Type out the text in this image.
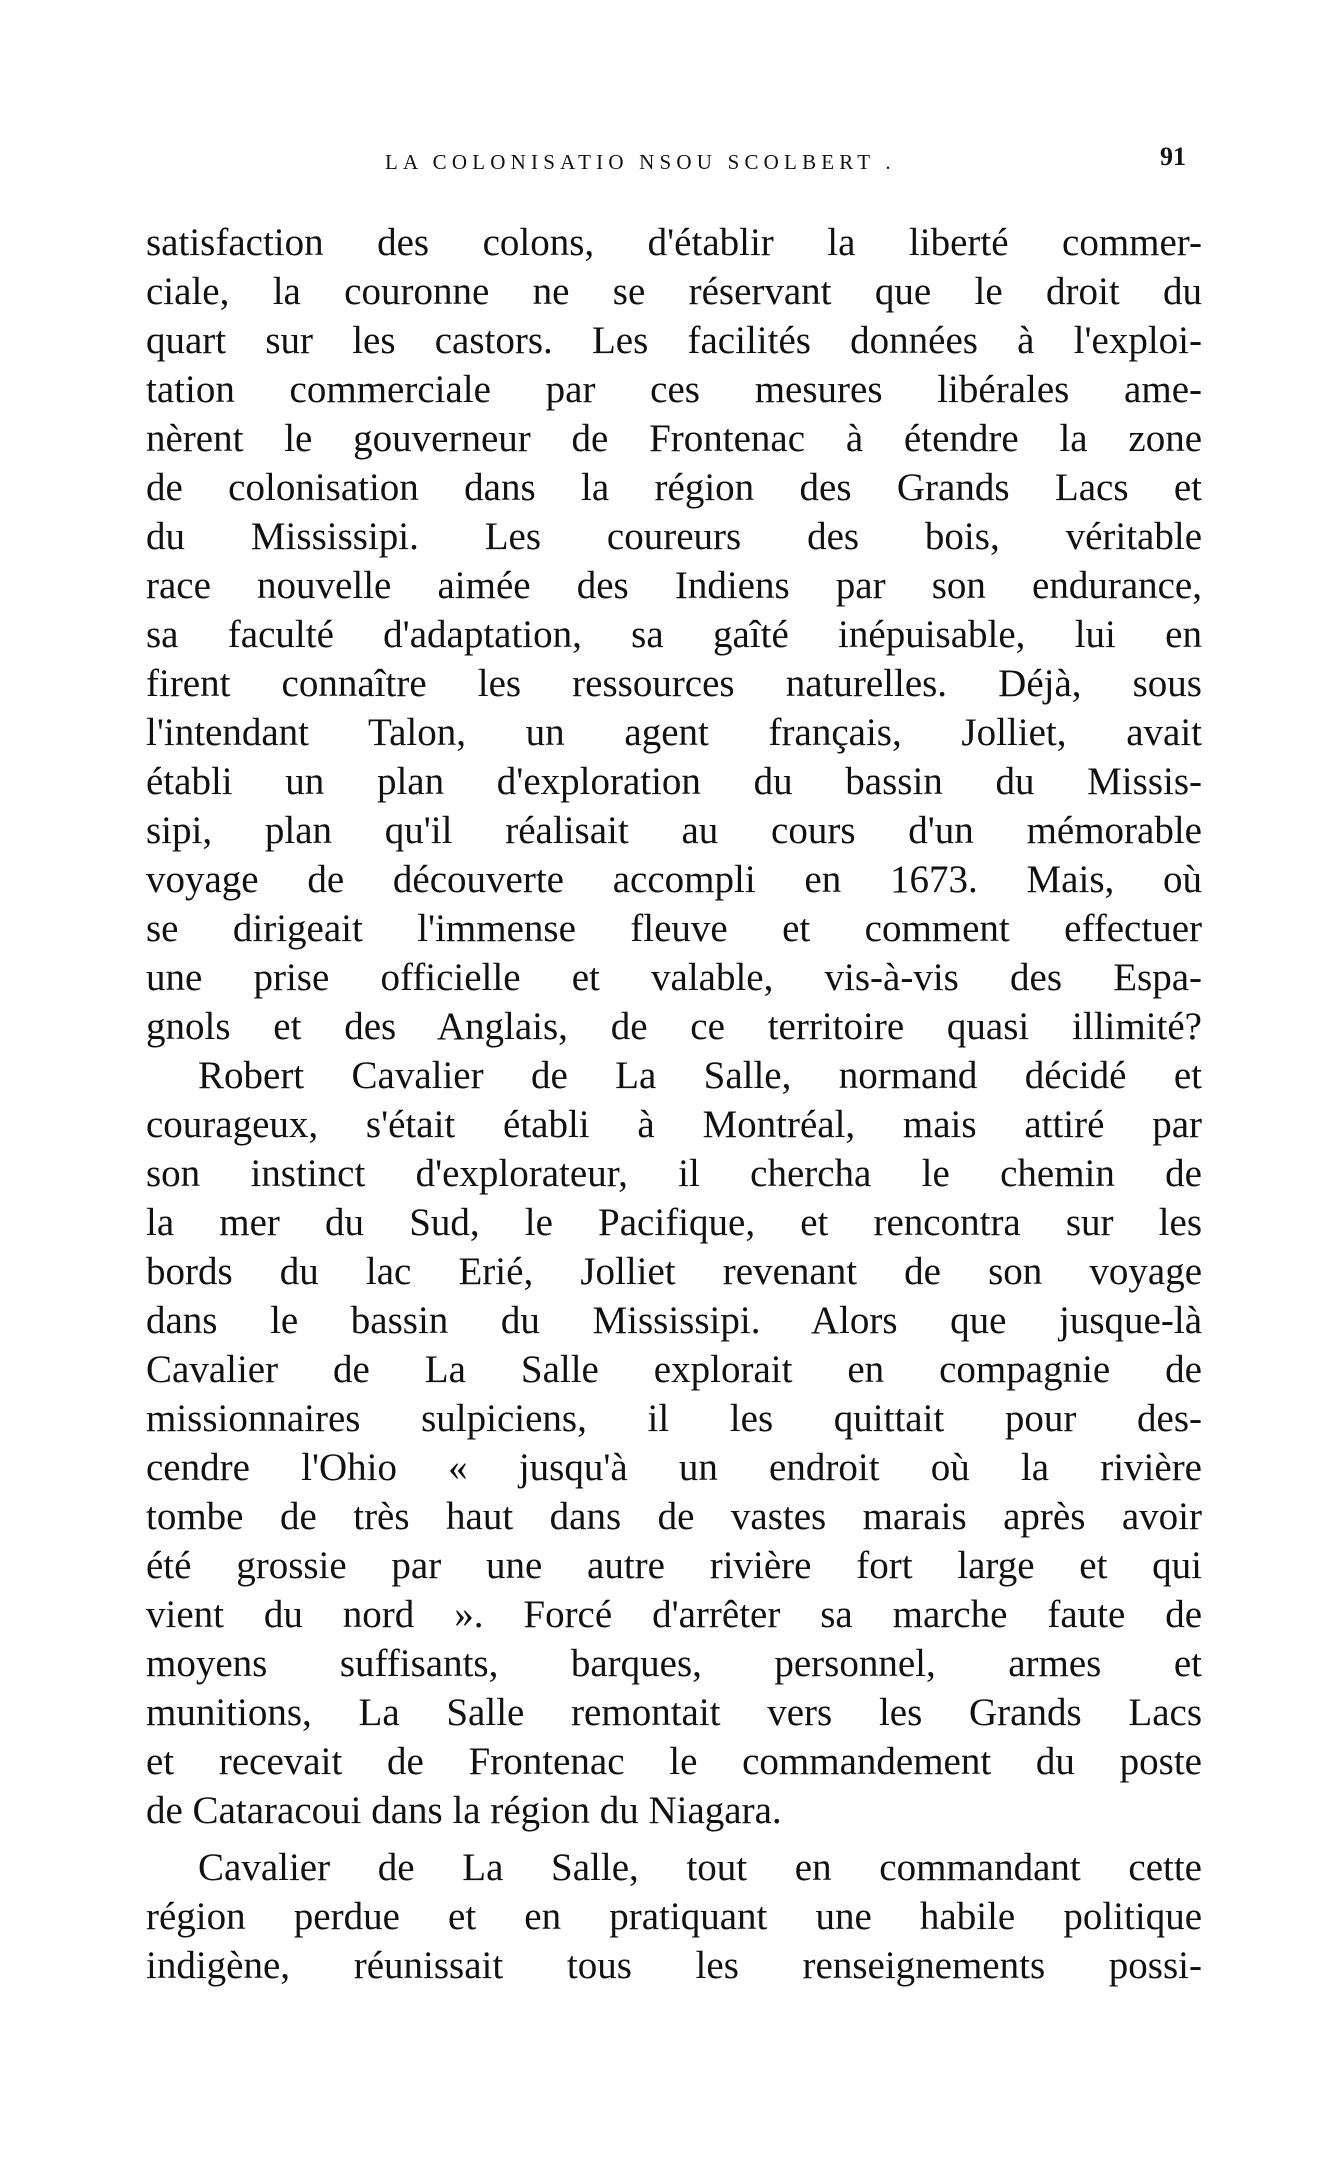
LA COLONISATIO NSOU SCOLBERT .	91
satisfaction des colons, d'établir la liberté commer-
ciale, la couronne ne se réservant que le droit du
quart sur les castors. Les facilités données à l'exploi-
tation commerciale par ces mesures libérales ame-
nèrent le gouverneur de Frontenac à étendre la zone
de colonisation dans la région des Grands Lacs et
du Mississipi. Les coureurs des bois, véritable
race nouvelle aimée des Indiens par son endurance,
sa faculté d'adaptation, sa gaîté inépuisable, lui en
firent connaître les ressources naturelles. Déjà, sous
l'intendant Talon, un agent français, Jolliet, avait
établi un plan d'exploration du bassin du Missis-
sipi, plan qu'il réalisait au cours d'un mémorable
voyage de découverte accompli en 1673. Mais, où
se dirigeait l'immense fleuve et comment effectuer
une prise officielle et valable, vis-à-vis des Espa-
gnols et des Anglais, de ce territoire quasi illimité?
Robert Cavalier de La Salle, normand décidé et
courageux, s'était établi à Montréal, mais attiré par
son instinct d'explorateur, il chercha le chemin de
la mer du Sud, le Pacifique, et rencontra sur les
bords du lac Erié, Jolliet revenant de son voyage
dans le bassin du Mississipi. Alors que jusque-là
Cavalier de La Salle explorait en compagnie de
missionnaires sulpiciens, il les quittait pour des-
cendre l'Ohio « jusqu'à un endroit où la rivière
tombe de très haut dans de vastes marais après avoir
été grossie par une autre rivière fort large et qui
vient du nord ». Forcé d'arrêter sa marche faute de
moyens suffisants, barques, personnel, armes et
munitions, La Salle remontait vers les Grands Lacs
et recevait de Frontenac le commandement du poste
de Cataracoui dans la région du Niagara.
Cavalier de La Salle, tout en commandant cette
région perdue et en pratiquant une habile politique
indigène, réunissait tous les renseignements possi-
